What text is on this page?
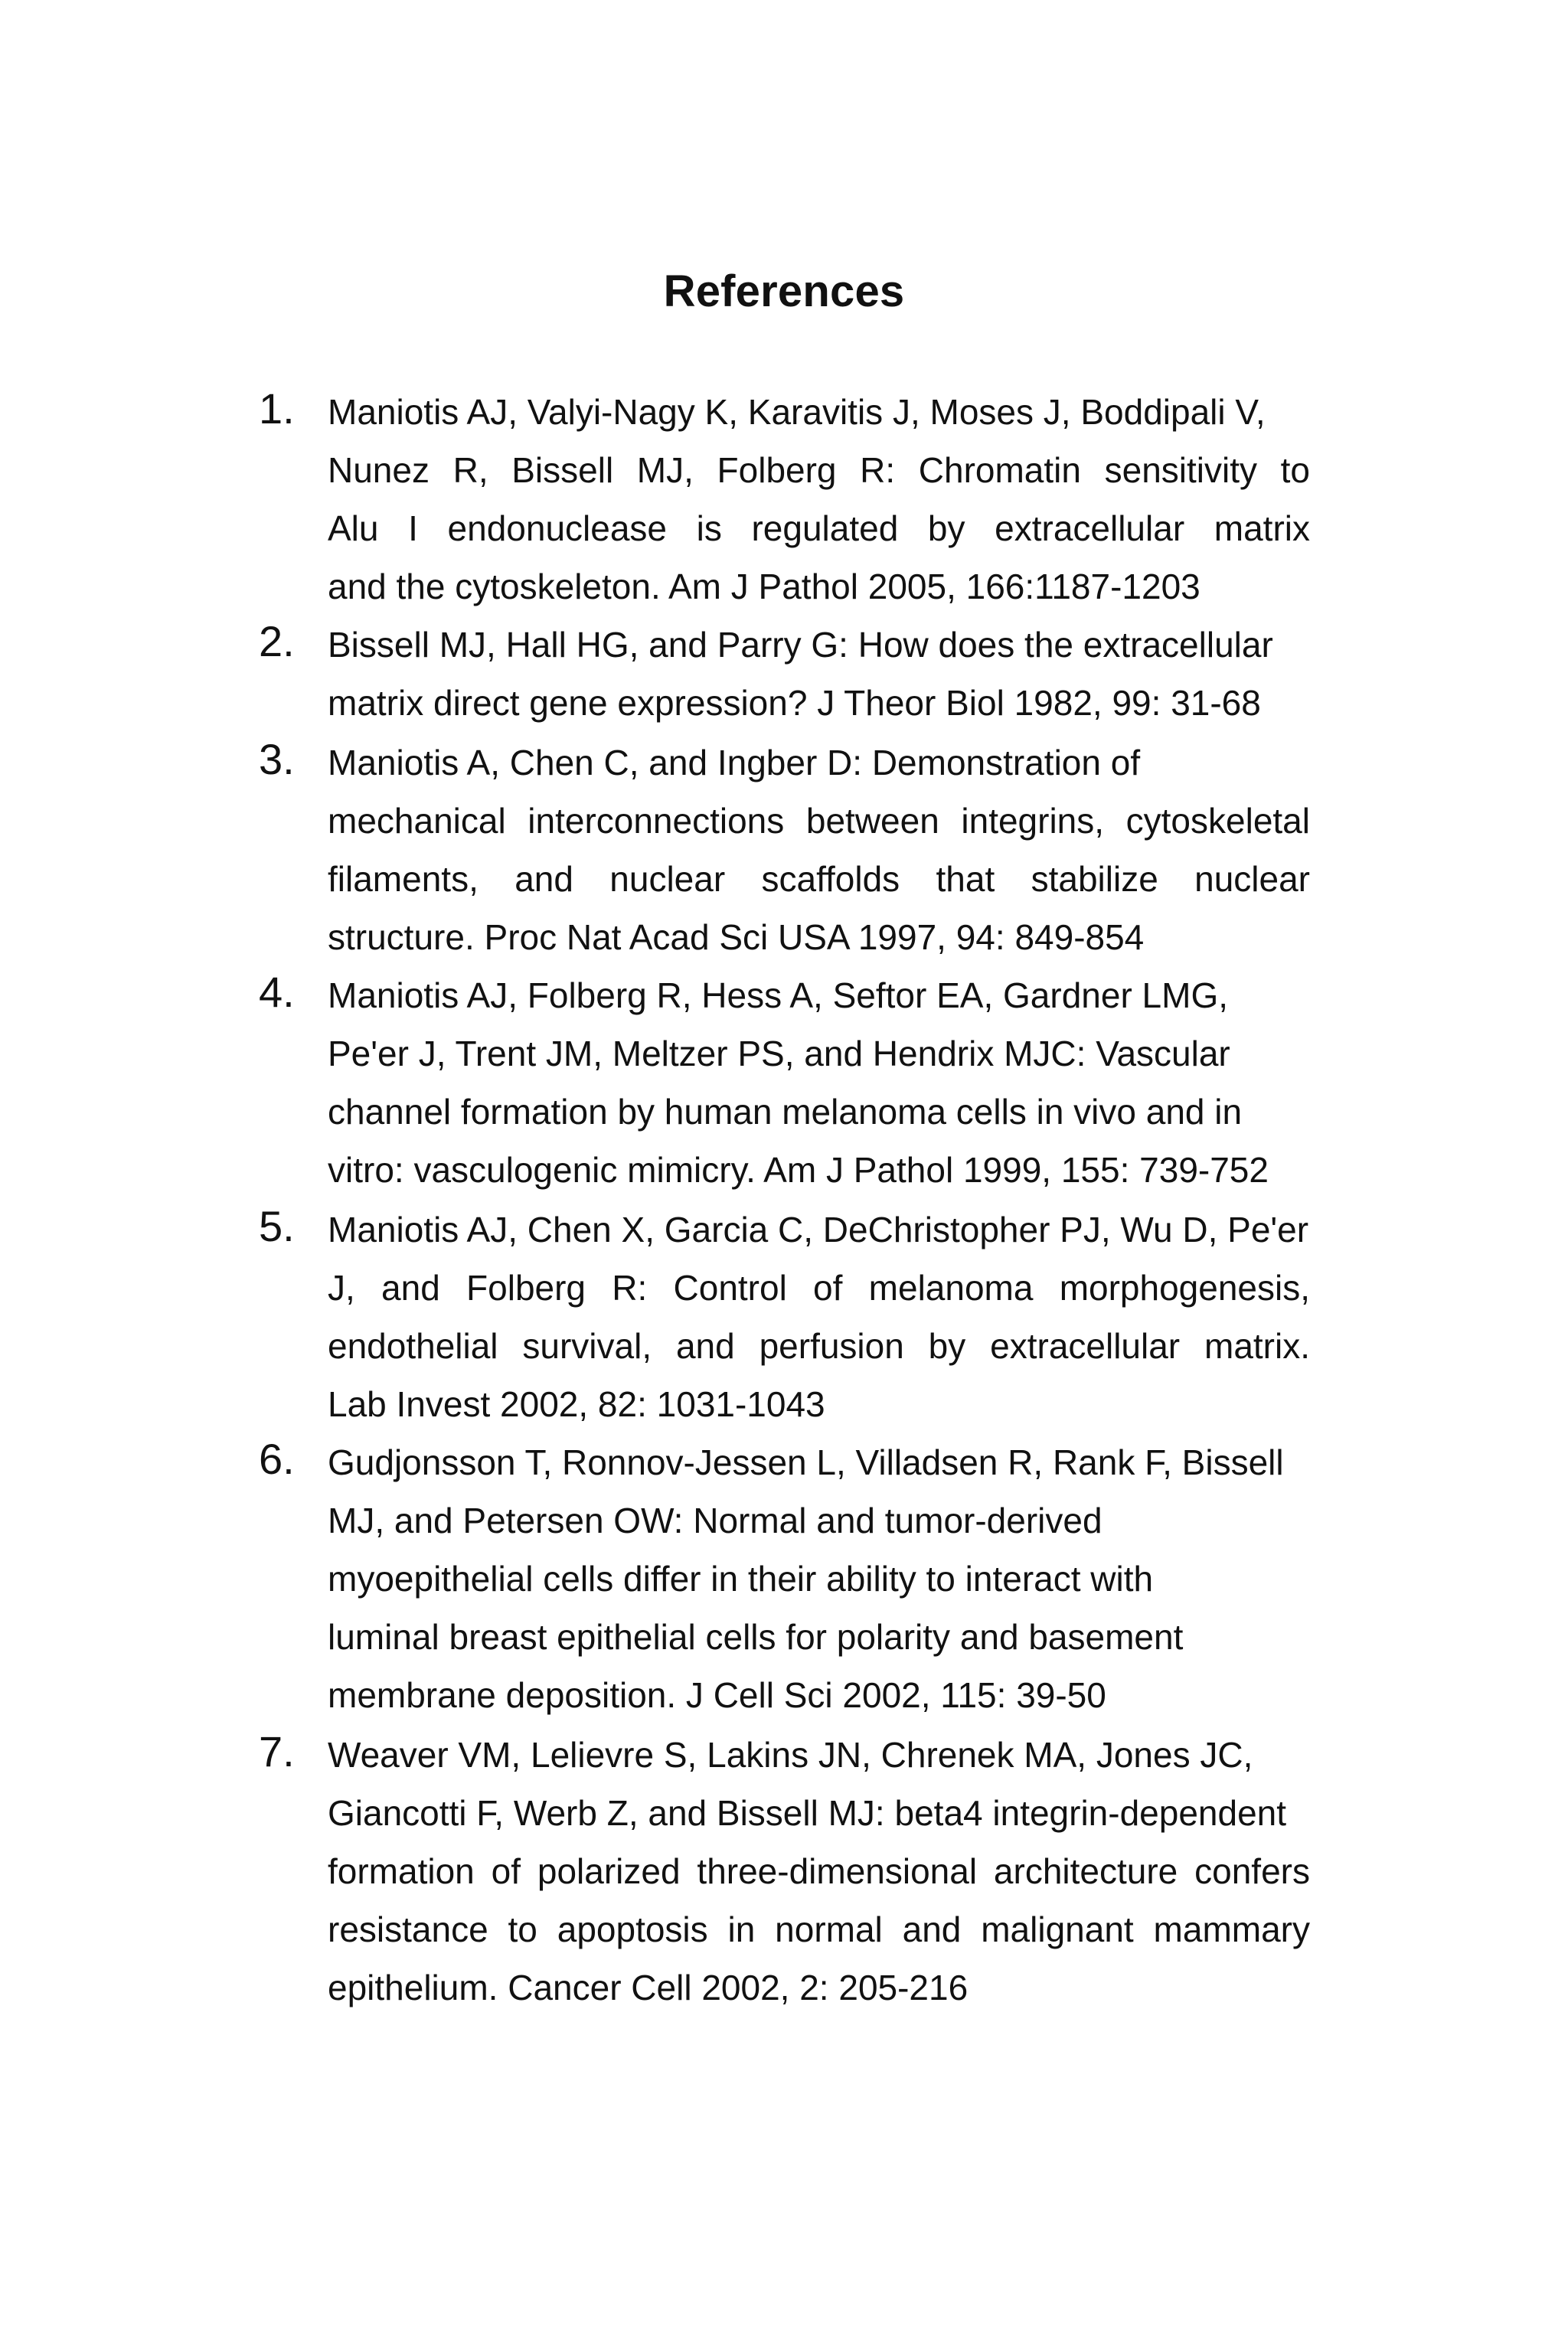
References
1. Maniotis AJ, Valyi-Nagy K, Karavitis J, Moses J, Boddipali V,
Nunez R, Bissell MJ, Folberg R: Chromatin sensitivity to
Alu I endonuclease is regulated by extracellular matrix
and the cytoskeleton. Am J Pathol 2005, 166:1187-1203
2. Bissell MJ, Hall HG, and Parry G: How does the extracellular
matrix direct gene expression? J Theor Biol 1982, 99: 31-68
3. Maniotis A, Chen C, and Ingber D: Demonstration of
mechanical interconnections between integrins, cytoskeletal
filaments, and nuclear scaffolds that stabilize nuclear
structure. Proc Nat Acad Sci USA 1997, 94: 849-854
4. Maniotis AJ, Folberg R, Hess A, Seftor EA, Gardner LMG,
Pe'er J, Trent JM, Meltzer PS, and Hendrix MJC: Vascular
channel formation by human melanoma cells in vivo and in
vitro: vasculogenic mimicry. Am J Pathol 1999, 155: 739-752
5. Maniotis AJ, Chen X, Garcia C, DeChristopher PJ, Wu D, Pe'er
J, and Folberg R: Control of melanoma morphogenesis,
endothelial survival, and perfusion by extracellular matrix.
Lab Invest 2002, 82: 1031-1043
6. Gudjonsson T, Ronnov-Jessen L, Villadsen R, Rank F, Bissell
MJ, and Petersen OW: Normal and tumor-derived
myoepithelial cells differ in their ability to interact with
luminal breast epithelial cells for polarity and basement
membrane deposition. J Cell Sci 2002, 115: 39-50
7. Weaver VM, Lelievre S, Lakins JN, Chrenek MA, Jones JC,
Giancotti F, Werb Z, and Bissell MJ: beta4 integrin-dependent
formation of polarized three-dimensional architecture confers
resistance to apoptosis in normal and malignant mammary
epithelium. Cancer Cell 2002, 2: 205-216
